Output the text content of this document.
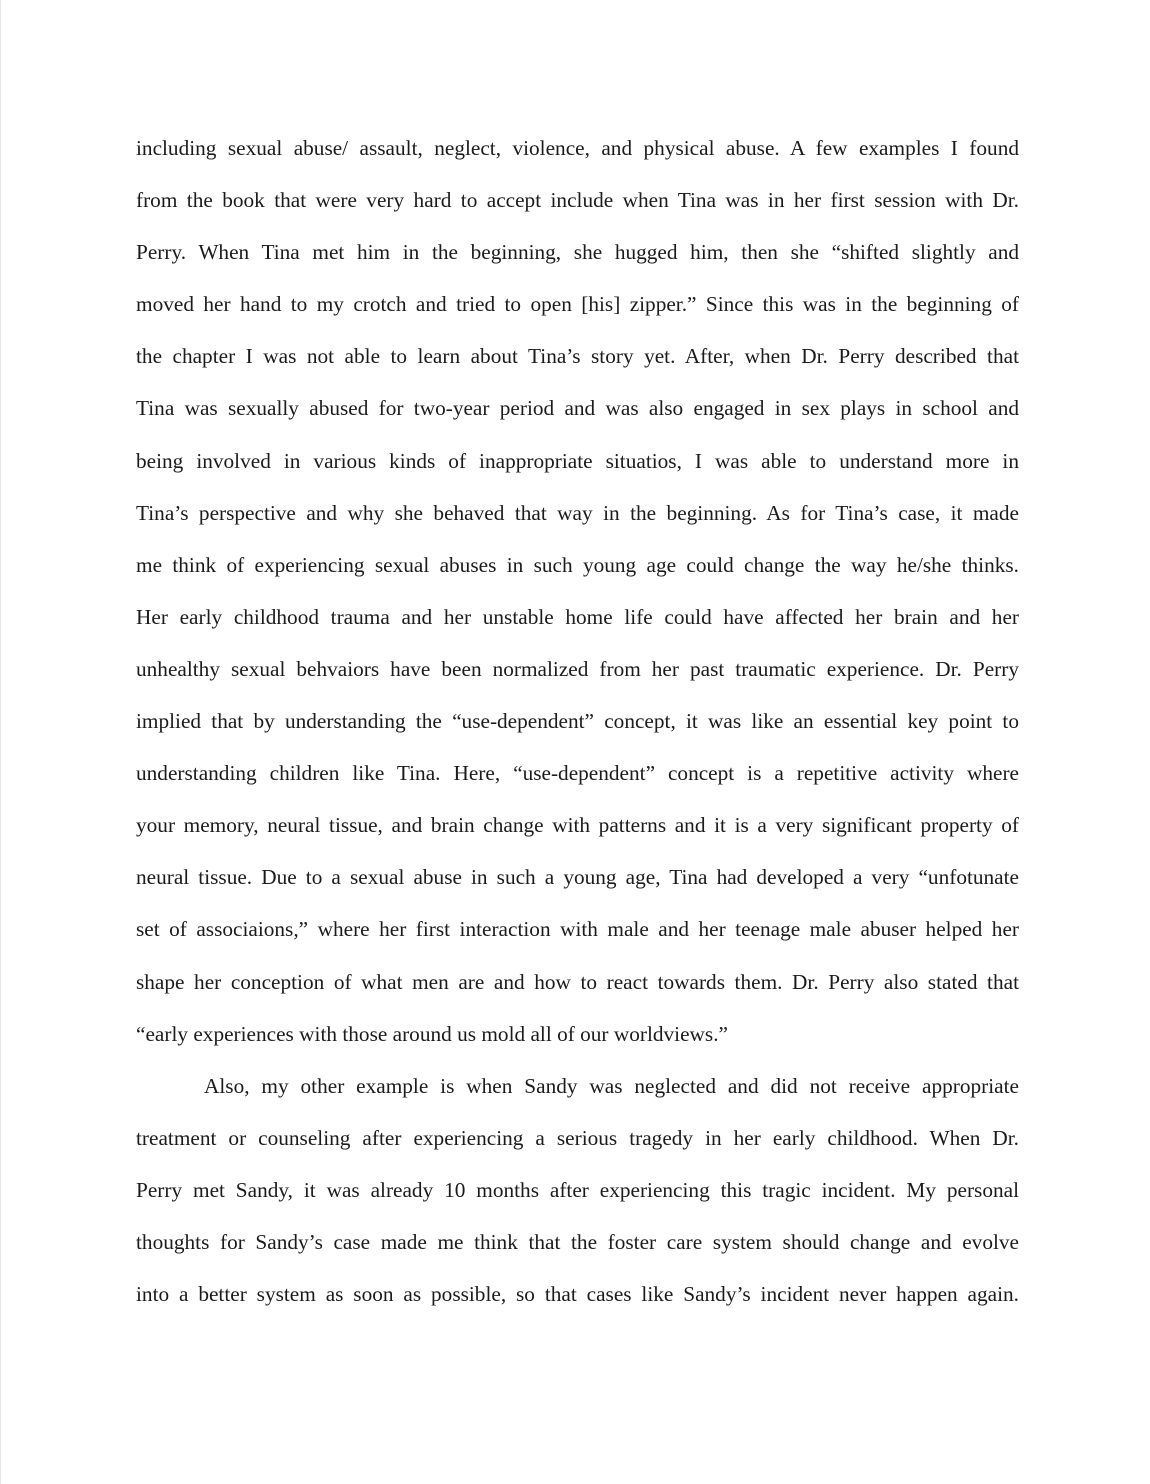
including sexual abuse/ assault, neglect, violence, and physical abuse. A few examples I found
from the book that were very hard to accept include when Tina was in her first session with Dr.
Perry. When Tina met him in the beginning, she hugged him, then she “shifted slightly and
moved her hand to my crotch and tried to open [his] zipper.” Since this was in the beginning of
the chapter I was not able to learn about Tina’s story yet. After, when Dr. Perry described that
Tina was sexually abused for two-year period and was also engaged in sex plays in school and
being involved in various kinds of inappropriate situatios, I was able to understand more in
Tina’s perspective and why she behaved that way in the beginning. As for Tina’s case, it made
me think of experiencing sexual abuses in such young age could change the way he/she thinks.
Her early childhood trauma and her unstable home life could have affected her brain and her
unhealthy sexual behvaiors have been normalized from her past traumatic experience. Dr. Perry
implied that by understanding the “use-dependent” concept, it was like an essential key point to
understanding children like Tina. Here, “use-dependent” concept is a repetitive activity where
your memory, neural tissue, and brain change with patterns and it is a very significant property of
neural tissue. Due to a sexual abuse in such a young age, Tina had developed a very “unfotunate
set of associaions,” where her first interaction with male and her teenage male abuser helped her
shape her conception of what men are and how to react towards them. Dr. Perry also stated that
“early experiences with those around us mold all of our worldviews.”
Also, my other example is when Sandy was neglected and did not receive appropriate
treatment or counseling after experiencing a serious tragedy in her early childhood. When Dr.
Perry met Sandy, it was already 10 months after experiencing this tragic incident. My personal
thoughts for Sandy’s case made me think that the foster care system should change and evolve
into a better system as soon as possible, so that cases like Sandy’s incident never happen again.
